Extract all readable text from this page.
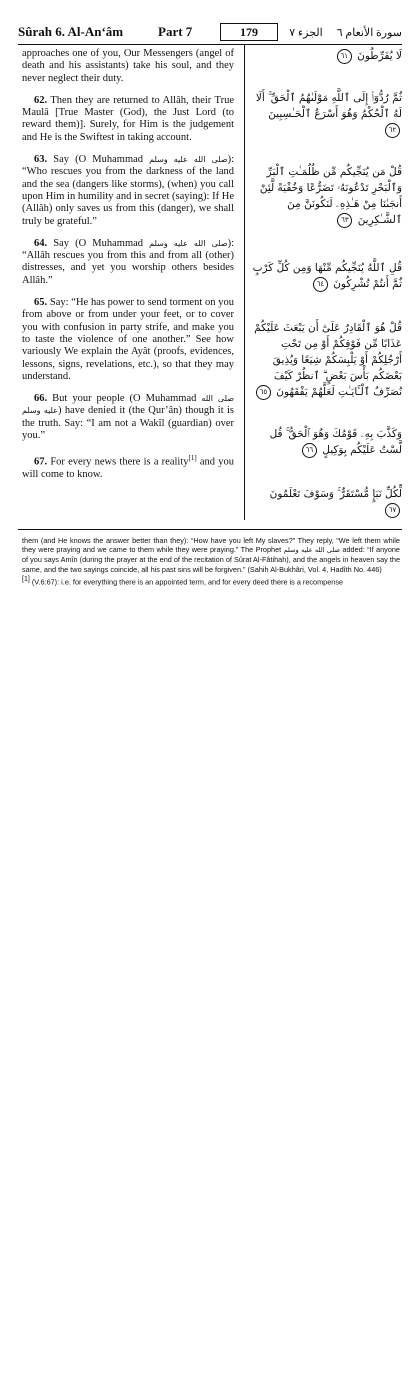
Sûrah 6. Al-An‘âm	Part 7	179	الجزء ٧	سورة الأنعام ٦

approaches one of you, Our Messengers (angel of death and his assistants) take his soul, and they never neglect their duty.

62. Then they are returned to Allâh, their True Maulâ [True Master (God), the Just Lord (to reward them)]. Surely, for Him is the judgement and He is the Swiftest in taking account.

63. Say (O Muhammad صلى الله عليه وسلم): “Who rescues you from the darkness of the land and the sea (dangers like storms), (when) you call upon Him in humility and in secret (saying): If He (Allâh) only saves us from this (danger), we shall truly be grateful.”

64. Say (O Muhammad صلى الله عليه وسلم): “Allâh rescues you from this and from all (other) distresses, and yet you worship others besides Allâh.”

65. Say: “He has power to send torment on you from above or from under your feet, or to cover you with confusion in party strife, and make you to taste the violence of one another.” See how variously We explain the Ayât (proofs, evidences, lessons, signs, revelations, etc.), so that they may understand.

66. But your people (O Muhammad صلى الله عليه وسلم) have denied it (the Qur’ân) though it is the truth. Say: “I am not a Wakîl (guardian) over you.”

67. For every news there is a reality[1] and you will come to know.

لَا يُفَرِّطُونَ ٦١
ثُمَّ رُدُّوٓا۟ إِلَى ٱللَّهِ مَوْلَىٰهُمُ ٱلْحَقِّ ۚ أَلَا لَهُ ٱلْحُكْمُ وَهُوَ أَسْرَعُ ٱلْحَـٰسِبِينَ ٦٢
قُلْ مَن يُنَجِّيكُم مِّن ظُلُمَـٰتِ ٱلْبَرِّ وَٱلْبَحْرِ تَدْعُونَهُۥ تَضَرُّعًا وَخُفْيَةً لَّئِنْ أَنجَىٰنَا مِنْ هَـٰذِهِۦ لَنَكُونَنَّ مِنَ ٱلشَّـٰكِرِينَ ٦٣
قُلِ ٱللَّهُ يُنَجِّيكُم مِّنْهَا وَمِن كُلِّ كَرْبٍ ثُمَّ أَنتُمْ تُشْرِكُونَ ٦٤
قُلْ هُوَ ٱلْقَادِرُ عَلَىٰٓ أَن يَبْعَثَ عَلَيْكُمْ عَذَابًا مِّن فَوْقِكُمْ أَوْ مِن تَحْتِ أَرْجُلِكُمْ أَوْ يَلْبِسَكُمْ شِيَعًا وَيُذِيقَ بَعْضَكُم بَأْسَ بَعْضٍ ۗ ٱنظُرْ كَيْفَ نُصَرِّفُ ٱلْـَٔايَـٰتِ لَعَلَّهُمْ يَفْقَهُونَ ٦٥
وَكَذَّبَ بِهِۦ قَوْمُكَ وَهُوَ ٱلْحَقُّ ۚ قُل لَّسْتُ عَلَيْكُم بِوَكِيلٍ ٦٦
لِّكُلِّ نَبَإٍ مُّسْتَقَرٌّ ۚ وَسَوْفَ تَعْلَمُونَ ٦٧

them (and He knows the answer better than they): “How have you left My slaves?” They reply, “We left them while they were praying and we came to them while they were praying.” The Prophet صلى الله عليه وسلم added: “If anyone of you says Amîn (during the prayer at the end of the recitation of Sûrat Al-Fâtihah), and the angels in heaven say the same, and the two sayings coincide, all his past sins will be forgiven.” (Sahih Al-Bukhâri, Vol. 4, Hadîth No. 446)

[1] (V.6:67): i.e. for everything there is an appointed term, and for every deed there is a recompense
